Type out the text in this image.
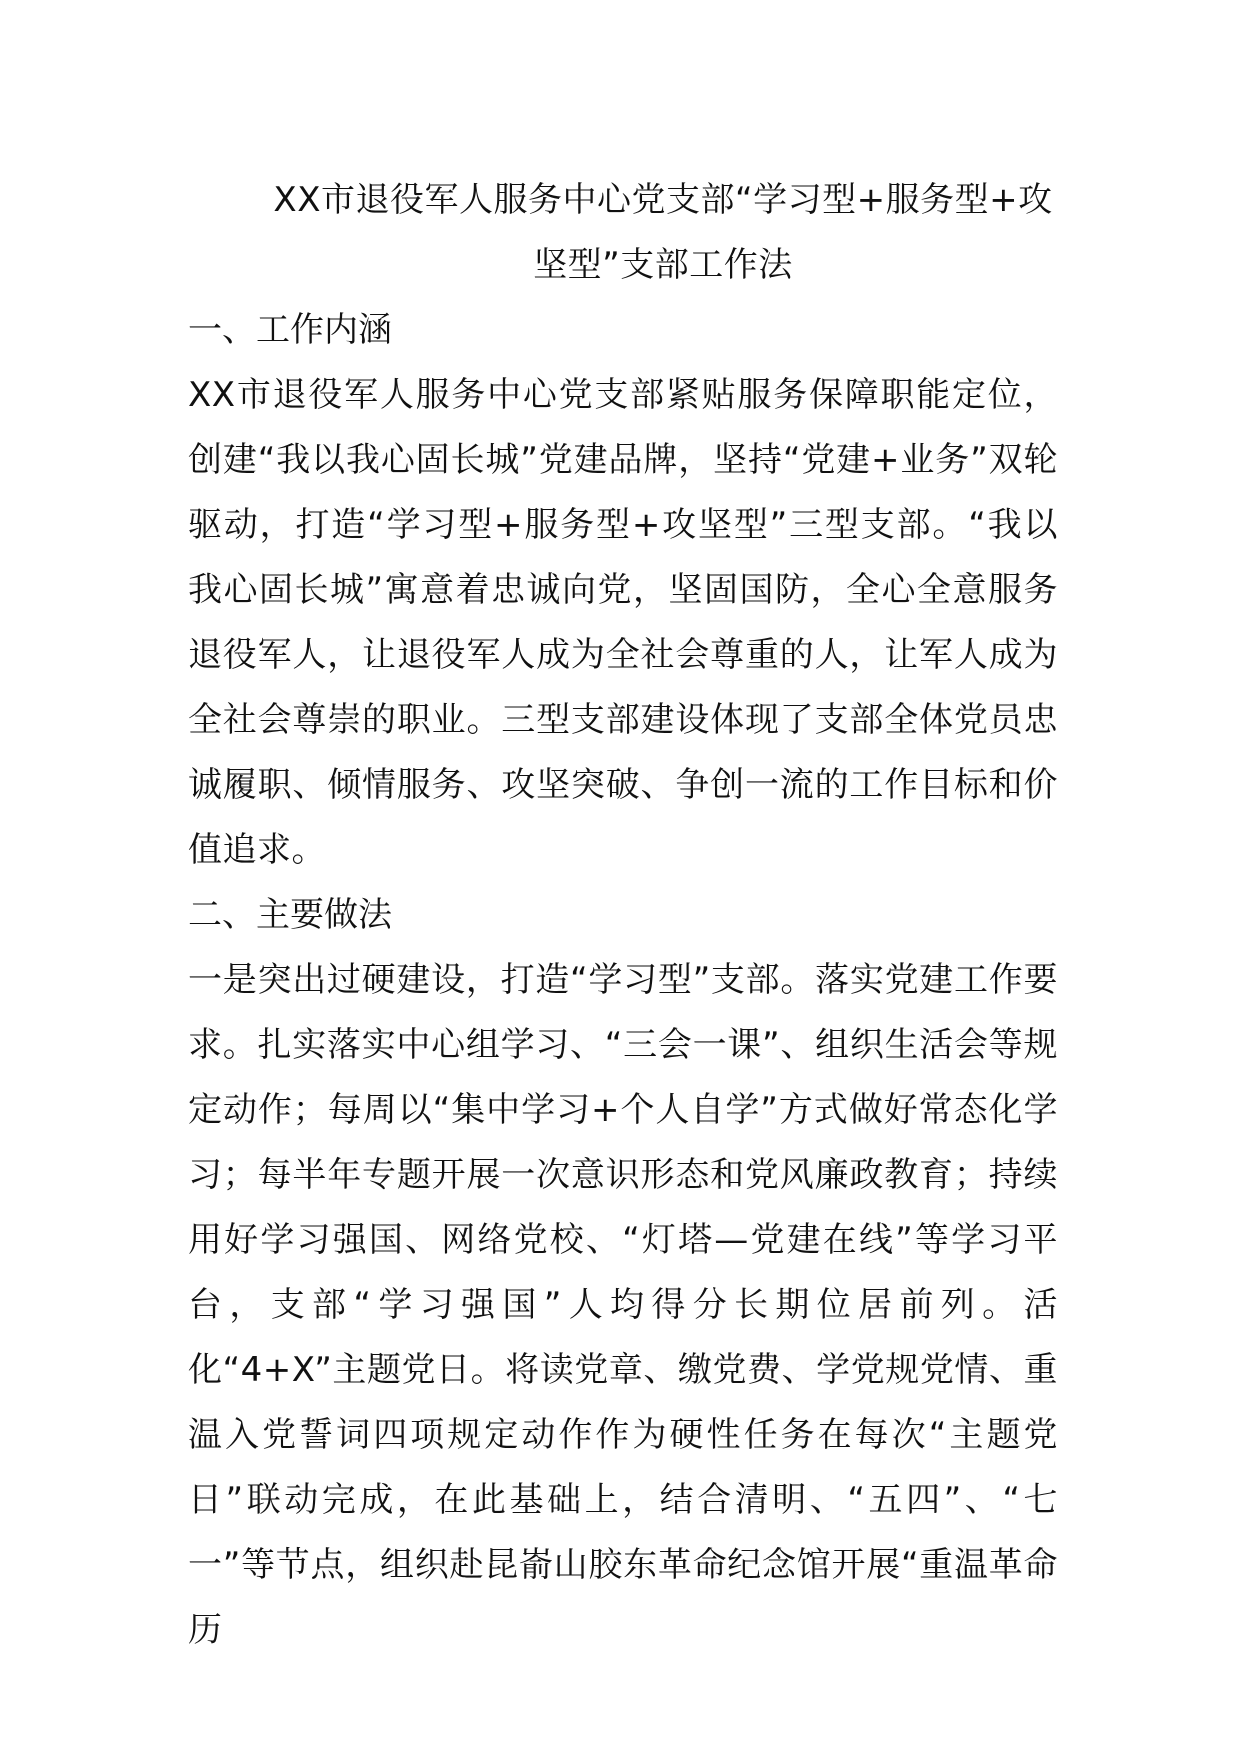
XX市退役军人服务中心党支部“学习型+服务型+攻坚型”支部工作法
一、工作内涵

XX市退役军人服务中心党支部紧贴服务保障职能定位，创建“我以我心固长城”党建品牌，坚持“党建+业务”双轮驱动，打造“学习型+服务型+攻坚型”三型支部。“我以我心固长城”寓意着忠诚向党，坚固国防，全心全意服务退役军人，让退役军人成为全社会尊重的人，让军人成为全社会尊崇的职业。三型支部建设体现了支部全体党员忠诚履职、倾情服务、攻坚突破、争创一流的工作目标和价值追求。

二、主要做法

一是突出过硬建设，打造“学习型”支部。落实党建工作要求。扎实落实中心组学习、“三会一课”、组织生活会等规定动作；每周以“集中学习+个人自学”方式做好常态化学习；每半年专题开展一次意识形态和党风廉政教育；持续用好学习强国、网络党校、“灯塔—党建在线”等学习平台，支部“学习强国”人均得分长期位居前列。活化“4+X”主题党日。将读党章、缴党费、学党规党情、重温入党誓词四项规定动作作为硬性任务在每次“主题党日”联动完成，在此基础上，结合清明、“五四”、“七一”等节点，组织赴昆嵛山胶东革命纪念馆开展“重温革命历
